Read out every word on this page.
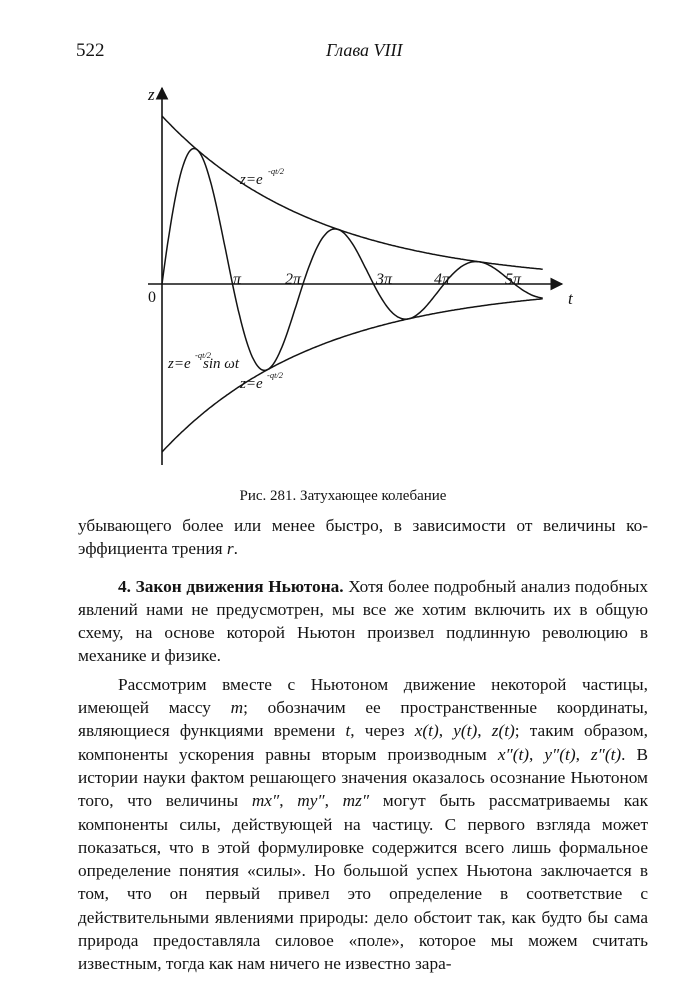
522	Глава VIII
z
t
0
π	2π	3π	4π	5π
z=e
-qt/2
z=e
-qt/2
sin ωt
z=e
-qt/2
Рис. 281. Затухающее колебание

убывающего более или менее быстро, в зависимости от величины ко- эффициента трения r.

4. Закон движения Ньютона. Хотя более подробный анализ подобных явлений нами не предусмотрен, мы все же хотим включить их в общую схему, на основе которой Ньютон произвел подлинную революцию в механике и физике.

Рассмотрим вместе с Ньютоном движение некоторой частицы, имеющей массу m; обозначим ее пространственные координаты, являющиеся функциями времени t, через x(t), y(t), z(t); таким образом, компоненты ускорения равны вторым производным x″(t), y″(t), z″(t). В истории науки фактом решающего значения оказалось осознание Ньютоном того, что величины mx″, my″, mz″ могут быть рассматриваемы как компоненты силы, действующей на частицу. С первого взгляда может показаться, что в этой формулировке содержится всего лишь формальное определение понятия «силы». Но большой успех Ньютона заключается в том, что он первый привел это определение в соответствие с действительными явлениями природы: дело обстоит так, как будто бы сама природа предоставляла силовое «поле», которое мы можем считать известным, тогда как нам ничего не известно зара-
